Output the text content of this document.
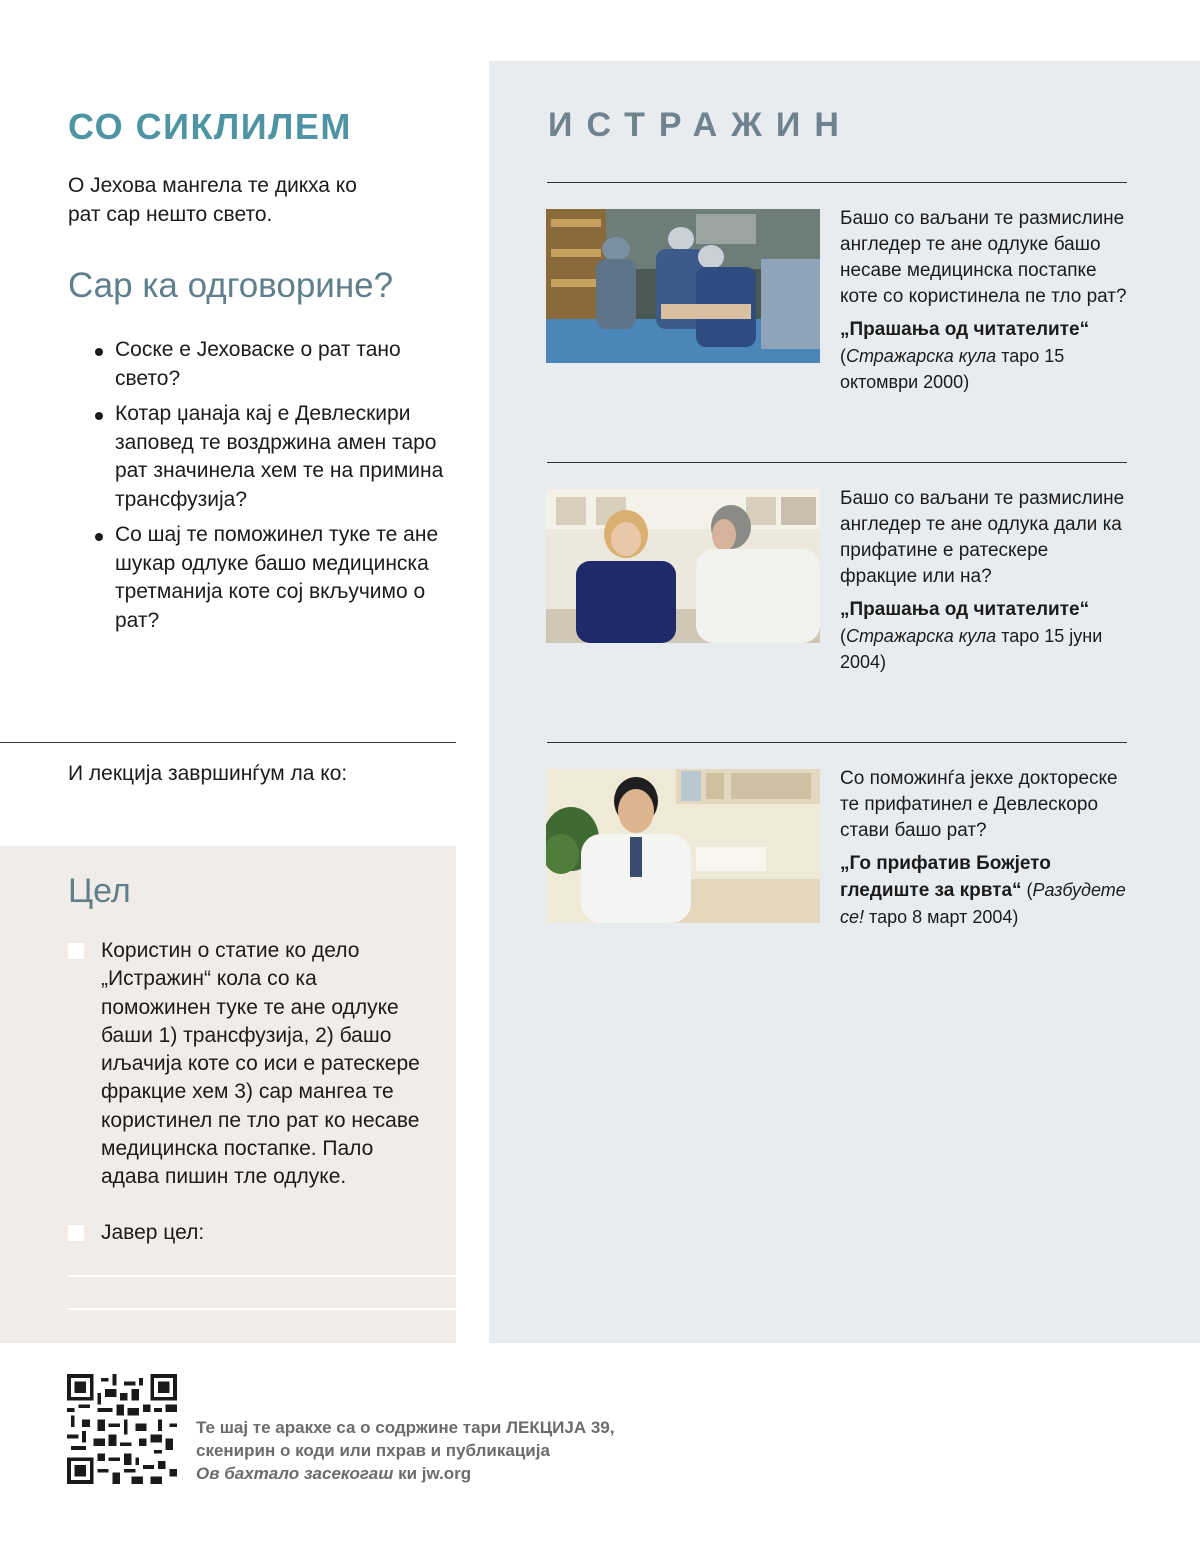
СО СИКЛИЛЕМ
О Јехова мангела те дикха ко рат сар нешто свето.
Сар ка одговорине?
Соске е Јеховаске о рат тано свето?
Котар џанаја кај е Девлескири заповед те воздржина амен таро рат значинела хем те на примина трансфузија?
Со шај те поможинел туке те ане шукар одлуке башо медицинска третманија коте сој вкључимо о рат?
И лекција завршинѓум ла ко:
Цел
Користин о статие ко дело „Истражин“ кола со ка поможинен туке те ане одлуке баши 1) трансфузија, 2) башо иљачија коте со иси е ратескере фракцие хем 3) сар мангеа те користинел пе тло рат ко несаве медицинска постапке. Пало адава пишин тле одлуке.
Јавер цел:
ИСТРАЖИН

Башо со ваљани те размислине англедер те ане одлуке башо несаве медицинска постапке коте со користинела пе тло рат?

„Прашања од читателите“
(Стражарска кула таро 15 октомври 2000)

Башо со ваљани те размислине англедер те ане одлука дали ка прифатине е ратескере фракцие или на?

„Прашања од читателите“
(Стражарска кула таро 15 јуни 2004)

Со поможинѓа јекхе доктореске те прифатинел е Девлескоро стави башо рат?

„Го прифатив Божјето гледиште за крвта“ (Разбудете се! таро 8 март 2004)
Те шај те аракхе са о содржине тари ЛЕКЦИЈА 39,
скенирин о коди или пхрав и публикација
Ов бахтало засекогаш ки jw.org
